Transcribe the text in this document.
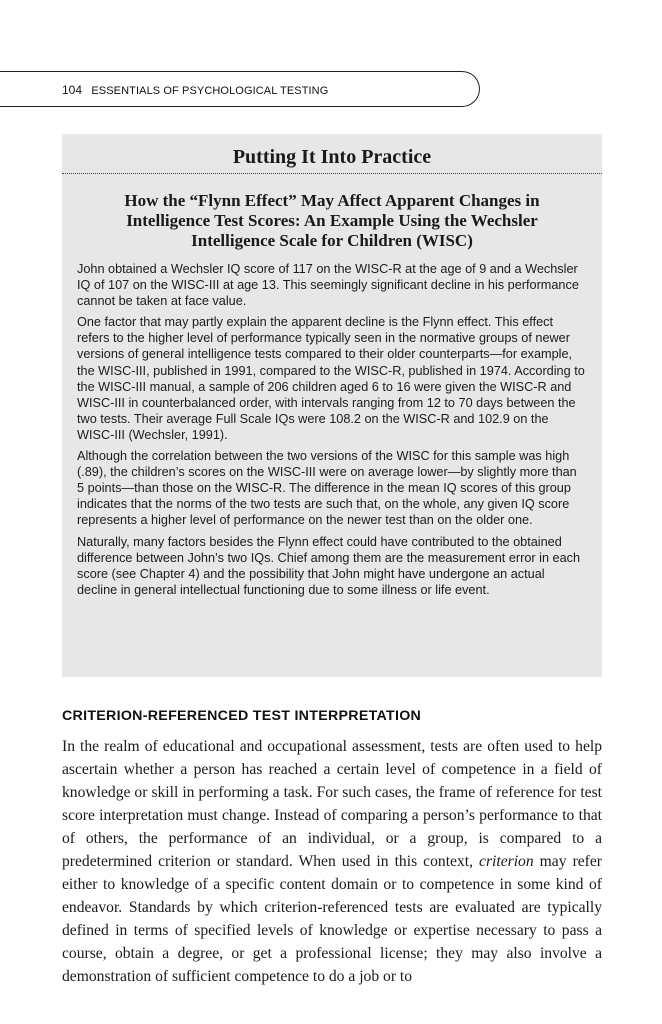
104 ESSENTIALS OF PSYCHOLOGICAL TESTING
Putting It Into Practice
How the “Flynn Effect” May Affect Apparent Changes in Intelligence Test Scores: An Example Using the Wechsler Intelligence Scale for Children (WISC)

John obtained a Wechsler IQ score of 117 on the WISC-R at the age of 9 and a Wechsler IQ of 107 on the WISC-III at age 13. This seemingly significant decline in his performance cannot be taken at face value.

One factor that may partly explain the apparent decline is the Flynn effect. This effect refers to the higher level of performance typically seen in the normative groups of newer versions of general intelligence tests compared to their older counterparts—for example, the WISC-III, published in 1991, compared to the WISC-R, published in 1974. According to the WISC-III manual, a sample of 206 children aged 6 to 16 were given the WISC-R and WISC-III in counterbalanced order, with intervals ranging from 12 to 70 days between the two tests. Their average Full Scale IQs were 108.2 on the WISC-R and 102.9 on the WISC-III (Wechsler, 1991).

Although the correlation between the two versions of the WISC for this sample was high (.89), the children’s scores on the WISC-III were on average lower—by slightly more than 5 points—than those on the WISC-R. The difference in the mean IQ scores of this group indicates that the norms of the two tests are such that, on the whole, any given IQ score represents a higher level of performance on the newer test than on the older one.

Naturally, many factors besides the Flynn effect could have contributed to the obtained difference between John’s two IQs. Chief among them are the measurement error in each score (see Chapter 4) and the possibility that John might have undergone an actual decline in general intellectual functioning due to some illness or life event.

CRITERION-REFERENCED TEST INTERPRETATION

In the realm of educational and occupational assessment, tests are often used to help ascertain whether a person has reached a certain level of competence in a field of knowledge or skill in performing a task. For such cases, the frame of reference for test score interpretation must change. Instead of comparing a person’s performance to that of others, the performance of an individual, or a group, is compared to a predetermined criterion or standard. When used in this context, criterion may refer either to knowledge of a specific content domain or to competence in some kind of endeavor. Standards by which criterion-referenced tests are evaluated are typically defined in terms of specified levels of knowledge or expertise necessary to pass a course, obtain a degree, or get a professional license; they may also involve a demonstration of sufficient competence to do a job or to
